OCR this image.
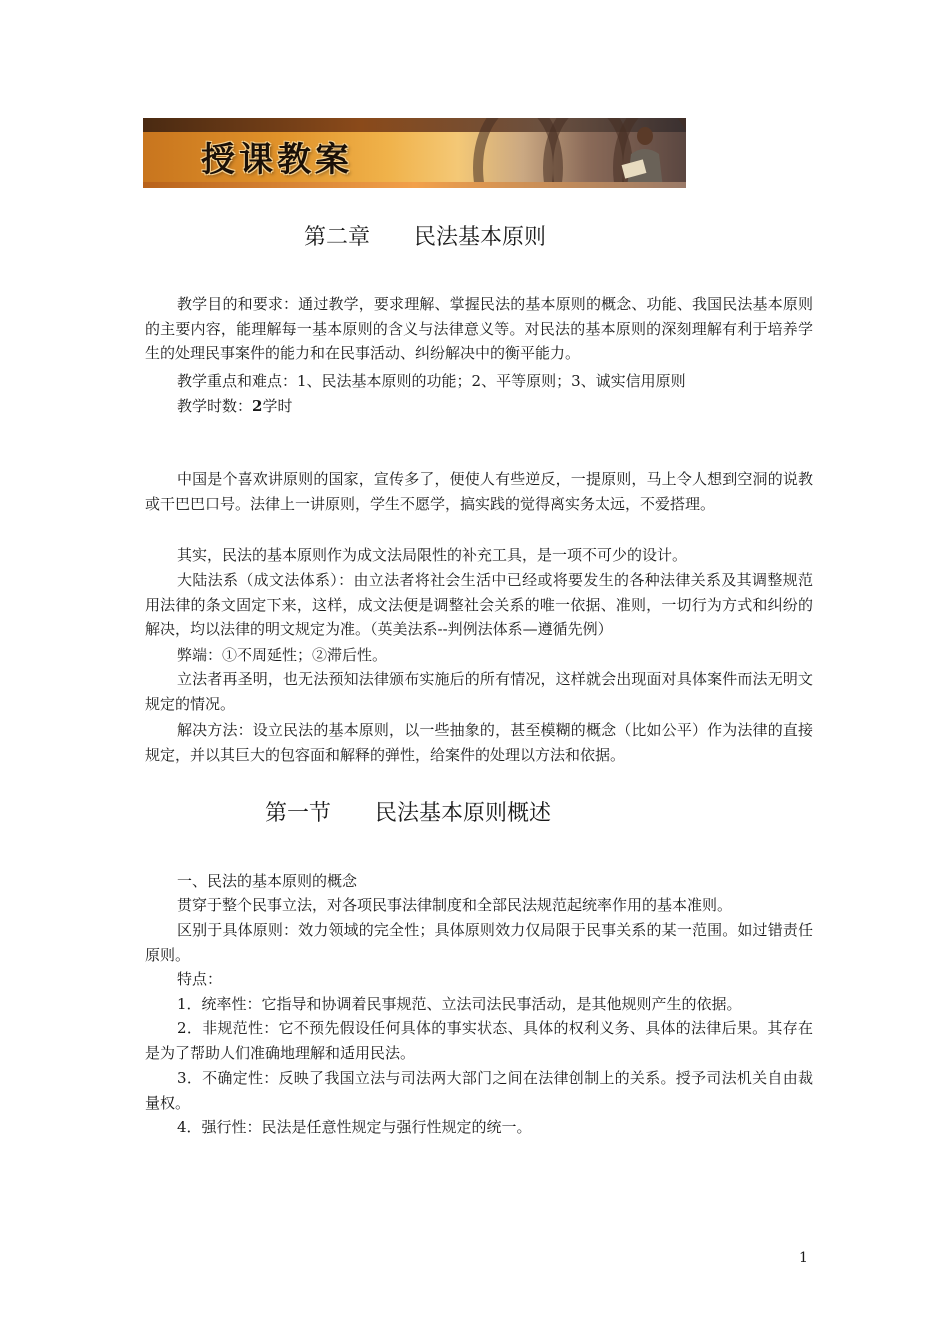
授课教案
第二章　　民法基本原则

教学目的和要求：通过教学，要求理解、掌握民法的基本原则的概念、功能、我国民法基本原则的主要内容，能理解每一基本原则的含义与法律意义等。对民法的基本原则的深刻理解有利于培养学生的处理民事案件的能力和在民事活动、纠纷解决中的衡平能力。

教学重点和难点：1、民法基本原则的功能；2、平等原则；3、诚实信用原则

教学时数：2学时

中国是个喜欢讲原则的国家，宣传多了，便使人有些逆反，一提原则，马上令人想到空洞的说教或干巴巴口号。法律上一讲原则，学生不愿学，搞实践的觉得离实务太远，不爱搭理。

其实，民法的基本原则作为成文法局限性的补充工具，是一项不可少的设计。

大陆法系（成文法体系）：由立法者将社会生活中已经或将要发生的各种法律关系及其调整规范用法律的条文固定下来，这样，成文法便是调整社会关系的唯一依据、准则，一切行为方式和纠纷的解决，均以法律的明文规定为准。（英美法系--判例法体系—遵循先例）

弊端：①不周延性；②滞后性。

立法者再圣明，也无法预知法律颁布实施后的所有情况，这样就会出现面对具体案件而法无明文规定的情况。

解决方法：设立民法的基本原则，以一些抽象的，甚至模糊的概念（比如公平）作为法律的直接规定，并以其巨大的包容面和解释的弹性，给案件的处理以方法和依据。

第一节　　民法基本原则概述

一、民法的基本原则的概念

贯穿于整个民事立法，对各项民事法律制度和全部民法规范起统率作用的基本准则。

区别于具体原则：效力领域的完全性；具体原则效力仅局限于民事关系的某一范围。如过错责任原则。

特点：

1．统率性：它指导和协调着民事规范、立法司法民事活动，是其他规则产生的依据。

2．非规范性：它不预先假设任何具体的事实状态、具体的权利义务、具体的法律后果。其存在是为了帮助人们准确地理解和适用民法。

3．不确定性：反映了我国立法与司法两大部门之间在法律创制上的关系。授予司法机关自由裁量权。

4．强行性：民法是任意性规定与强行性规定的统一。

1
